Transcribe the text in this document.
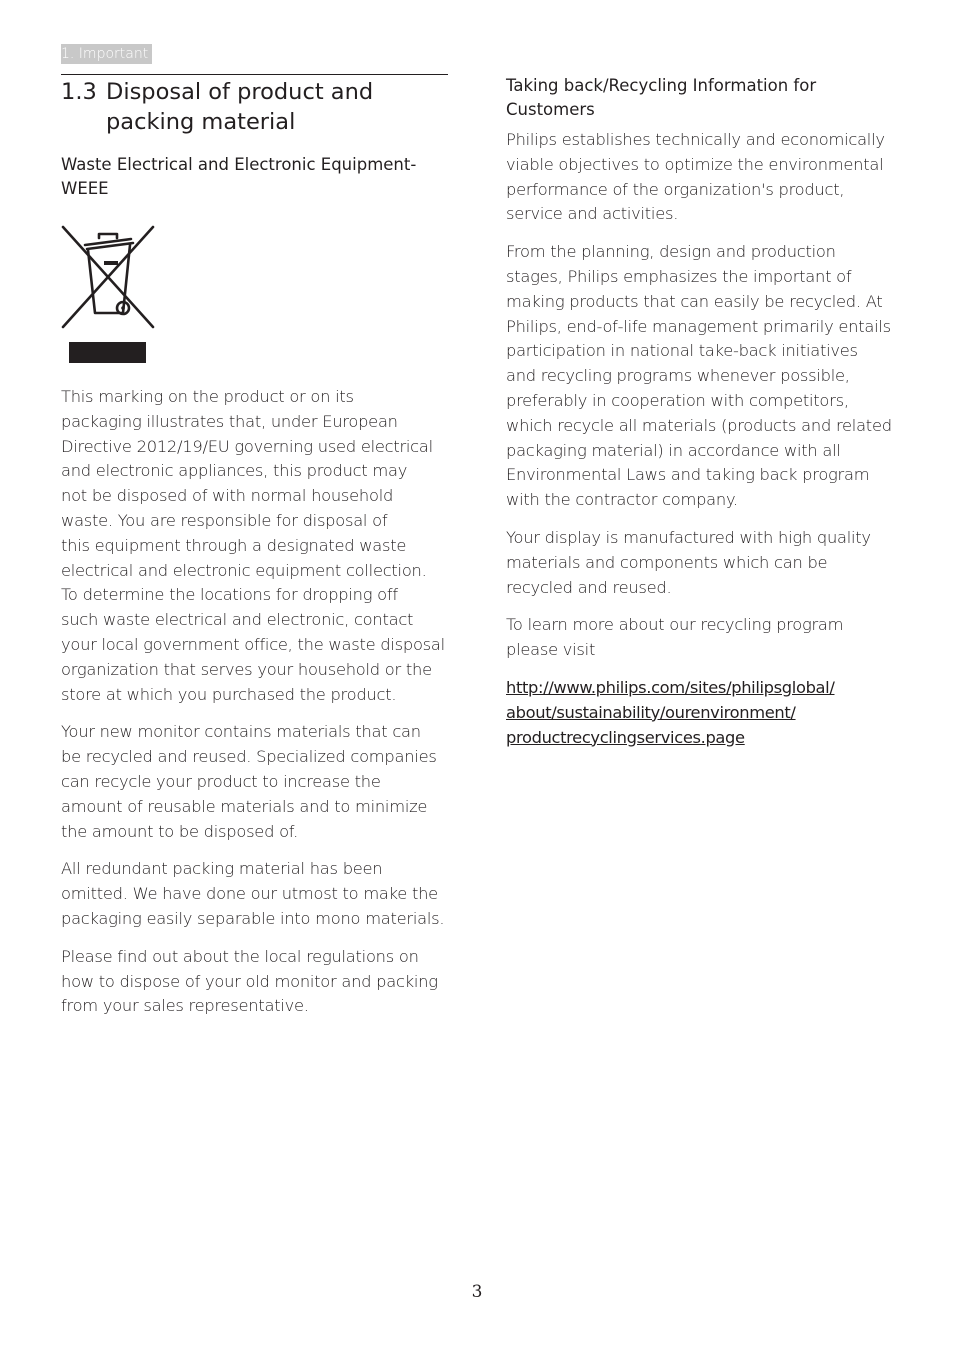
1. Important
1.3 Disposal of product and packing material
Waste Electrical and Electronic Equipment-
WEEE

This marking on the product or on its
packaging illustrates that, under European
Directive 2012/19/EU governing used electrical
and electronic appliances, this product may
not be disposed of with normal household
waste. You are responsible for disposal of
this equipment through a designated waste
electrical and electronic equipment collection.
To determine the locations for dropping off
such waste electrical and electronic, contact
your local government office, the waste disposal
organization that serves your household or the
store at which you purchased the product.

Your new monitor contains materials that can
be recycled and reused. Specialized companies
can recycle your product to increase the
amount of reusable materials and to minimize
the amount to be disposed of.

All redundant packing material has been
omitted. We have done our utmost to make the
packaging easily separable into mono materials.

Please find out about the local regulations on
how to dispose of your old monitor and packing
from your sales representative.

Taking back/Recycling Information for
Customers

Philips establishes technically and economically
viable objectives to optimize the environmental
performance of the organization's product,
service and activities.

From the planning, design and production
stages, Philips emphasizes the important of
making products that can easily be recycled. At
Philips, end-of-life management primarily entails
participation in national take-back initiatives
and recycling programs whenever possible,
preferably in cooperation with competitors,
which recycle all materials (products and related
packaging material) in accordance with all
Environmental Laws and taking back program
with the contractor company.

Your display is manufactured with high quality
materials and components which can be
recycled and reused.

To learn more about our recycling program
please visit

http://www.philips.com/sites/philipsglobal/
about/sustainability/ourenvironment/
productrecyclingservices.page
3
